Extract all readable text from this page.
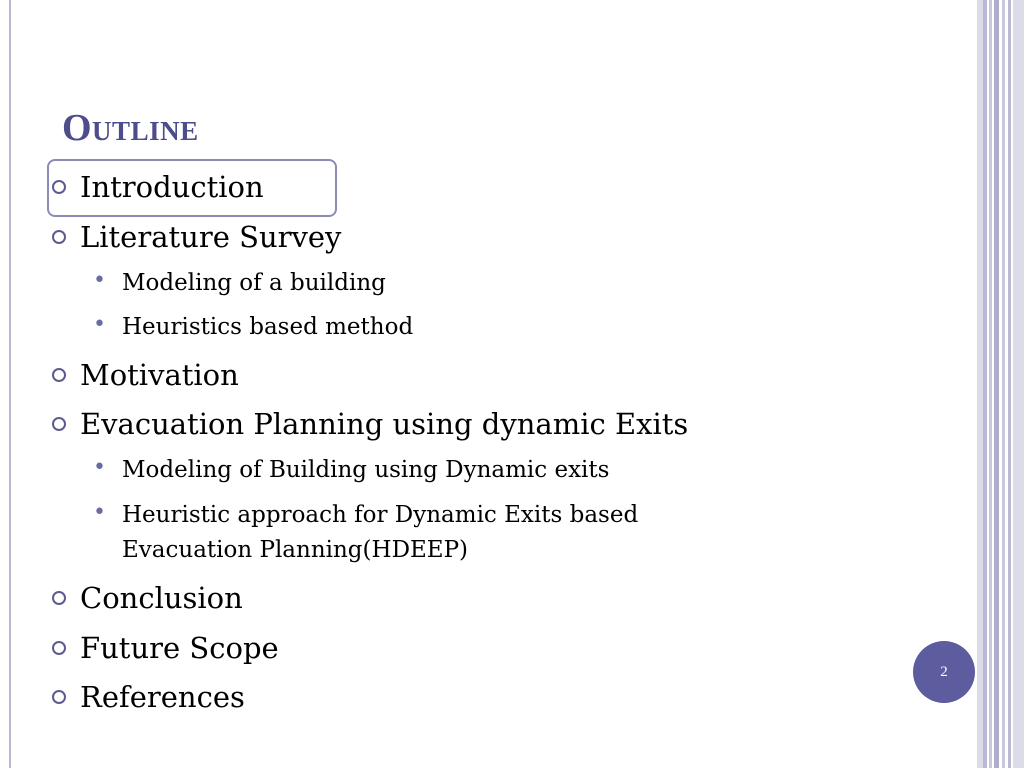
Outline
Introduction
Literature Survey
• Modeling of a building
• Heuristics based method
Motivation
Evacuation Planning using dynamic Exits
• Modeling of Building using Dynamic exits
• Heuristic approach for Dynamic Exits based Evacuation Planning(HDEEP)
Conclusion
Future Scope
References
2
